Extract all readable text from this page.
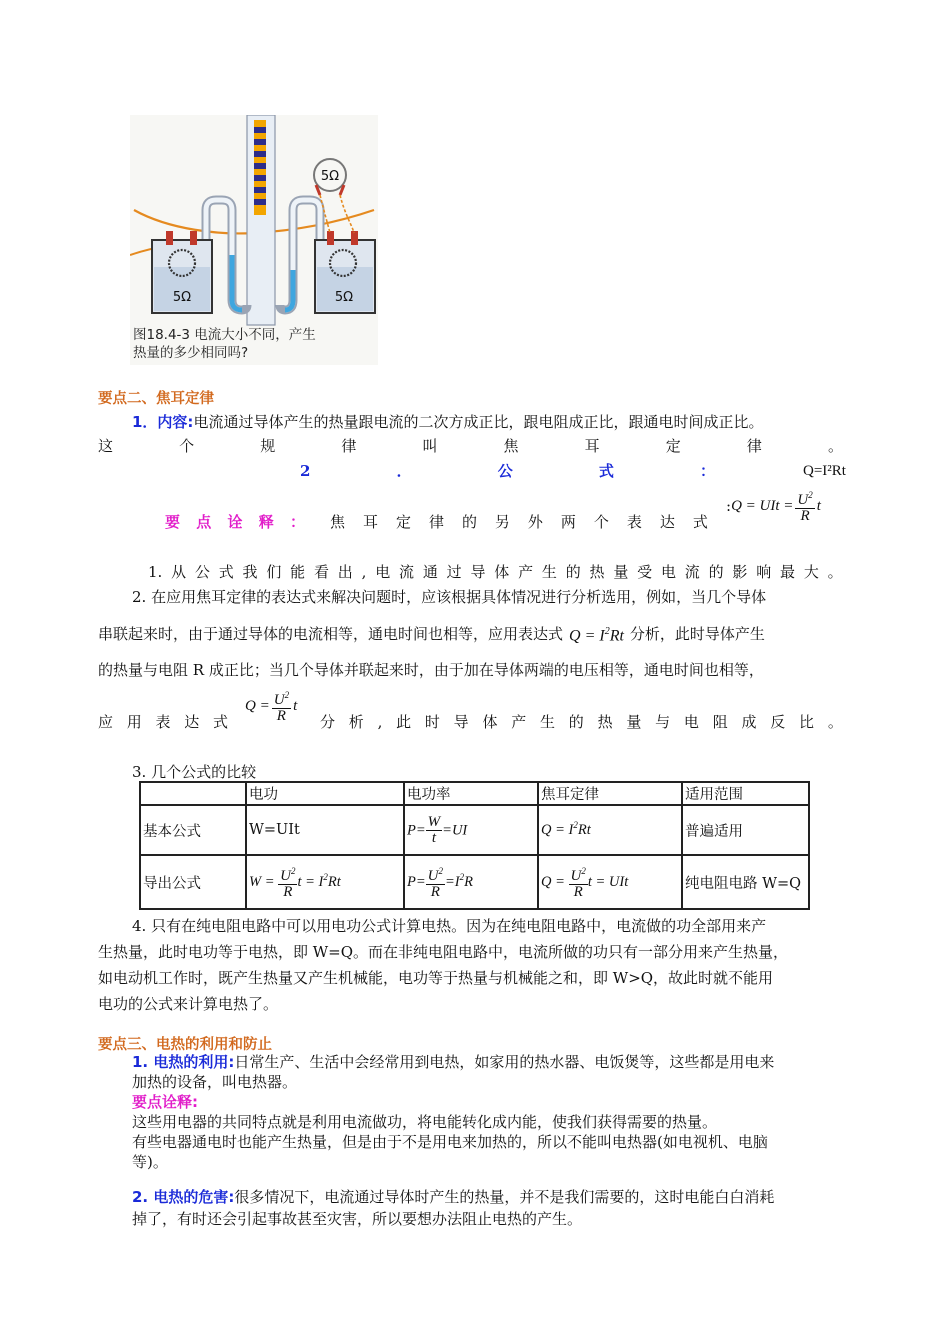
5Ω
5Ω	5Ω
图18.4-3 电流大小不同，产生
热量的多少相同吗?
要点二、焦耳定律
1．内容:电流通过导体产生的热量跟电流的二次方成正比，跟电阻成正比，跟通电时间成正比。
这	个	规	律	叫	焦	耳	定	律	。
2	．	公	式	：	Q=I²Rt
要 点 诠 释 ： 焦 耳 定 律 的 另 外 两 个 表 达 式
: Q = UIt = $\frac{U^2}{R}$ t
1. 从 公 式 我 们 能 看 出 , 电 流 通 过 导 体 产 生 的 热 量 受 电 流 的 影 响 最 大 。
2. 在应用焦耳定律的表达式来解决问题时，应该根据具体情况进行分析选用，例如，当几个导体
串联起来时，由于通过导体的电流相等，通电时间也相等，应用表达式 $Q = I^2Rt$ 分析，此时导体产生
的热量与电阻 R 成正比；当几个导体并联起来时，由于加在导体两端的电压相等，通电时间也相等，
应 用 表 达 式
$Q = \frac{U^2}{R}$ t
分 析 , 此 时 导 体 产 生 的 热 量 与 电 阻 成 反 比 。
3. 几个公式的比较
	电功	电功率	焦耳定律	适用范围
基本公式	W=UIt	$P= \frac{W}{t} =UI$	$Q = I^2Rt$	普遍适用
导出公式	$W = \frac{U^2}{R}$ $t = I^2Rt$	$P= \frac{U^2}{R} =I^2R$	$Q = \frac{U^2}{R}$ t = UIt	纯电阻电路 W=Q
4. 只有在纯电阻电路中可以用电功公式计算电热。因为在纯电阻电路中，电流做的功全部用来产
生热量，此时电功等于电热，即 W=Q。而在非纯电阻电路中，电流所做的功只有一部分用来产生热量，
如电动机工作时，既产生热量又产生机械能，电功等于热量与机械能之和，即 W>Q，故此时就不能用
电功的公式来计算电热了。
要点三、电热的利用和防止
1. 电热的利用:日常生产、生活中会经常用到电热，如家用的热水器、电饭煲等，这些都是用电来
加热的设备，叫电热器。
要点诠释:
这些用电器的共同特点就是利用电流做功，将电能转化成内能，使我们获得需要的热量。
有些电器通电时也能产生热量，但是由于不是用电来加热的，所以不能叫电热器(如电视机、电脑
等)。
2. 电热的危害:很多情况下，电流通过导体时产生的热量，并不是我们需要的，这时电能白白消耗
掉了，有时还会引起事故甚至灾害，所以要想办法阻止电热的产生。
